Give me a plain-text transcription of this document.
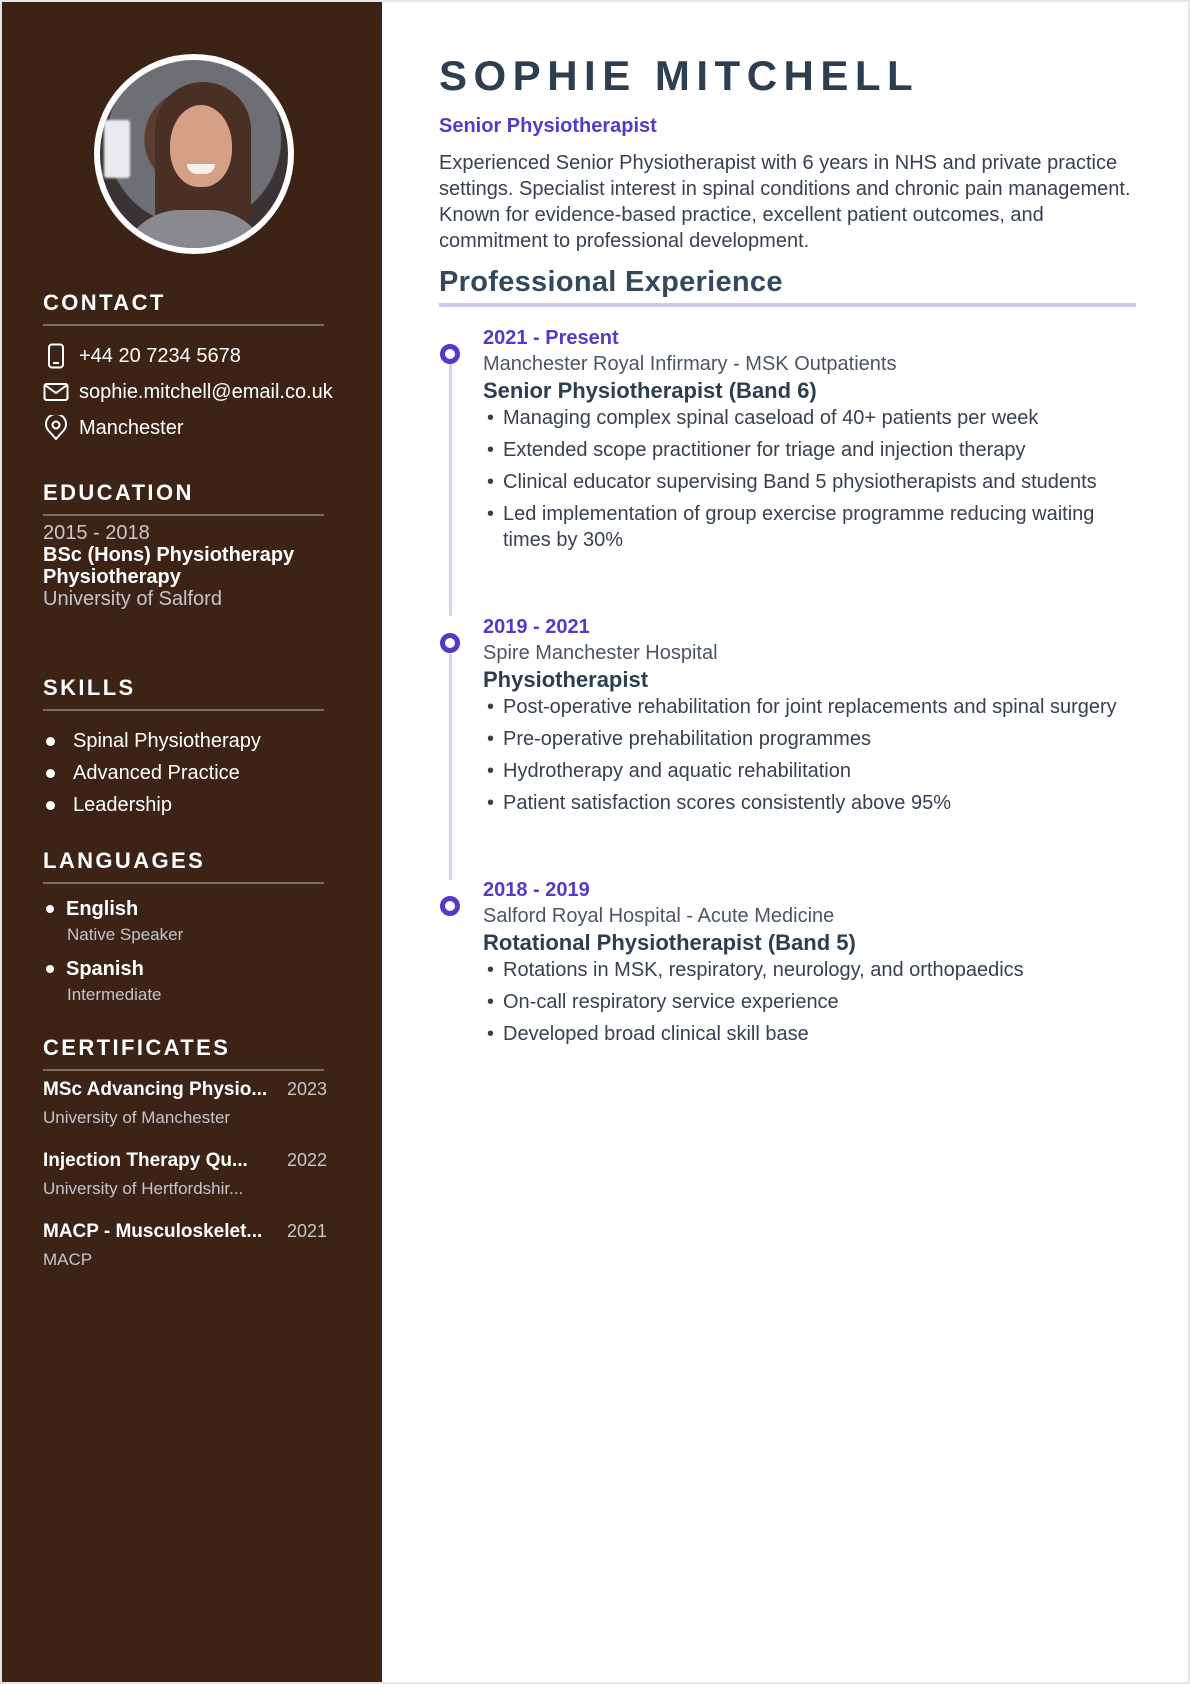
CONTACT
+44 20 7234 5678
sophie.mitchell@email.co.uk
Manchester
EDUCATION
2015 - 2018
BSc (Hons) Physiotherapy Physiotherapy
University of Salford
SKILLS
Spinal Physiotherapy
Advanced Practice
Leadership
LANGUAGES
English
Native Speaker
Spanish
Intermediate
CERTIFICATES
MSc Advancing Physio... 2023
University of Manchester
Injection Therapy Qu... 2022
University of Hertfordshir...
MACP - Musculoskelet... 2021
MACP
SOPHIE MITCHELL
Senior Physiotherapist

Experienced Senior Physiotherapist with 6 years in NHS and private practice settings. Specialist interest in spinal conditions and chronic pain management. Known for evidence-based practice, excellent patient outcomes, and commitment to professional development.

Professional Experience
2021 - Present
Manchester Royal Infirmary - MSK Outpatients
Senior Physiotherapist (Band 6)
• Managing complex spinal caseload of 40+ patients per week
• Extended scope practitioner for triage and injection therapy
• Clinical educator supervising Band 5 physiotherapists and students
• Led implementation of group exercise programme reducing waiting times by 30%
2019 - 2021
Spire Manchester Hospital
Physiotherapist
• Post-operative rehabilitation for joint replacements and spinal surgery
• Pre-operative prehabilitation programmes
• Hydrotherapy and aquatic rehabilitation
• Patient satisfaction scores consistently above 95%
2018 - 2019
Salford Royal Hospital - Acute Medicine
Rotational Physiotherapist (Band 5)
• Rotations in MSK, respiratory, neurology, and orthopaedics
• On-call respiratory service experience
• Developed broad clinical skill base
